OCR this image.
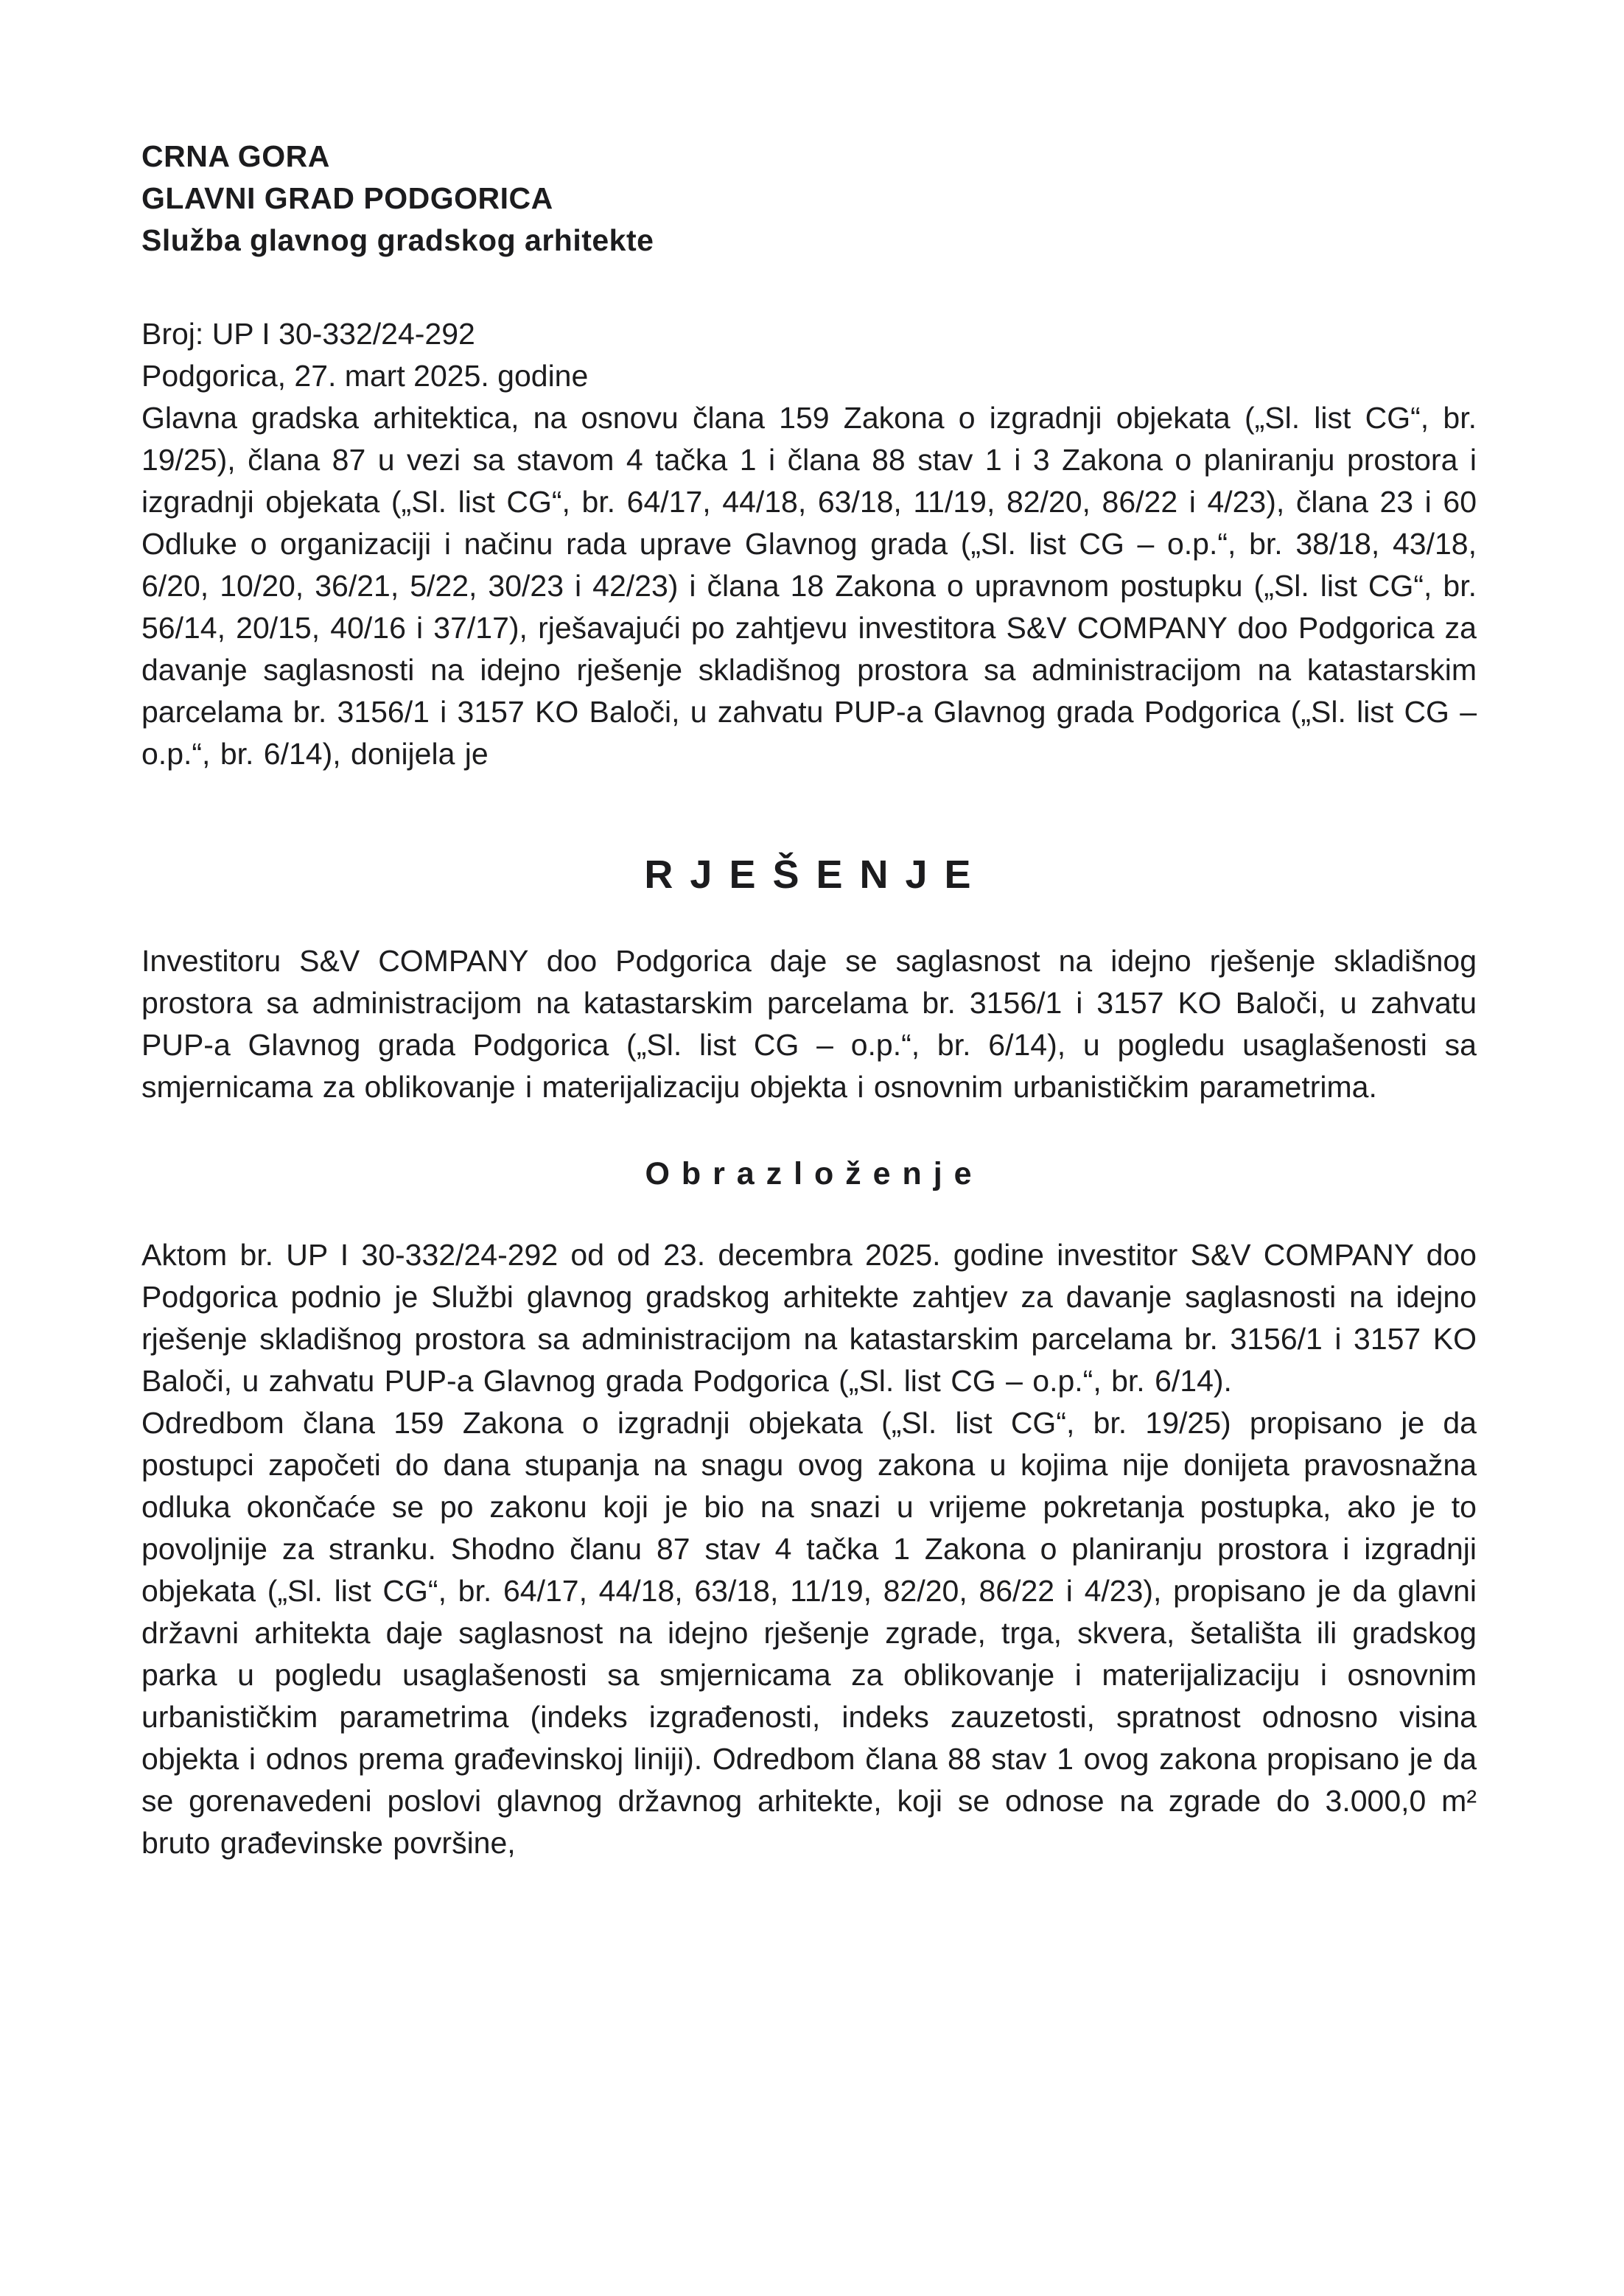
CRNA GORA

GLAVNI GRAD PODGORICA

Služba glavnog gradskog arhitekte

Broj: UP I 30-332/24-292

Podgorica, 27. mart 2025. godine

Glavna gradska arhitektica, na osnovu člana 159 Zakona o izgradnji objekata („Sl. list CG“, br. 19/25), člana 87 u vezi sa stavom 4 tačka 1 i člana 88 stav 1 i 3 Zakona o planiranju prostora i izgradnji objekata („Sl. list CG“, br. 64/17, 44/18, 63/18, 11/19, 82/20, 86/22 i 4/23), člana 23 i 60 Odluke o organizaciji i načinu rada uprave Glavnog grada („Sl. list CG – o.p.“, br. 38/18, 43/18, 6/20, 10/20, 36/21, 5/22, 30/23 i 42/23) i člana 18 Zakona o upravnom postupku („Sl. list CG“, br. 56/14, 20/15, 40/16 i 37/17), rješavajući po zahtjevu investitora S&V COMPANY doo Podgorica za davanje saglasnosti na idejno rješenje skladišnog prostora sa administracijom na katastarskim parcelama br. 3156/1 i 3157 KO Baloči, u zahvatu PUP-a Glavnog grada Podgorica („Sl. list CG – o.p.“, br. 6/14), donijela je

R J E Š E N J E

Investitoru S&V COMPANY doo Podgorica daje se saglasnost na idejno rješenje skladišnog prostora sa administracijom na katastarskim parcelama br. 3156/1 i 3157 KO Baloči, u zahvatu PUP-a Glavnog grada Podgorica („Sl. list CG – o.p.“, br. 6/14), u pogledu usaglašenosti sa smjernicama za oblikovanje i materijalizaciju objekta i osnovnim urbanističkim parametrima.

O b r a z l o ž e n j e

Aktom br. UP I 30-332/24-292 od od 23. decembra 2025. godine investitor S&V COMPANY doo Podgorica podnio je Službi glavnog gradskog arhitekte zahtjev za davanje saglasnosti na idejno rješenje skladišnog prostora sa administracijom na katastarskim parcelama br. 3156/1 i 3157 KO Baloči, u zahvatu PUP-a Glavnog grada Podgorica („Sl. list CG – o.p.“, br. 6/14).

Odredbom člana 159 Zakona o izgradnji objekata („Sl. list CG“, br. 19/25) propisano je da postupci započeti do dana stupanja na snagu ovog zakona u kojima nije donijeta pravosnažna odluka okončaće se po zakonu koji je bio na snazi u vrijeme pokretanja postupka, ako je to povoljnije za stranku. Shodno članu 87 stav 4 tačka 1 Zakona o planiranju prostora i izgradnji objekata („Sl. list CG“, br. 64/17, 44/18, 63/18, 11/19, 82/20, 86/22 i 4/23), propisano je da glavni državni arhitekta daje saglasnost na idejno rješenje zgrade, trga, skvera, šetališta ili gradskog parka u pogledu usaglašenosti sa smjernicama za oblikovanje i materijalizaciju i osnovnim urbanističkim parametrima (indeks izgrađenosti, indeks zauzetosti, spratnost odnosno visina objekta i odnos prema građevinskoj liniji). Odredbom člana 88 stav 1 ovog zakona propisano je da se gorenavedeni poslovi glavnog državnog arhitekte, koji se odnose na zgrade do 3.000,0 m² bruto građevinske površine,
